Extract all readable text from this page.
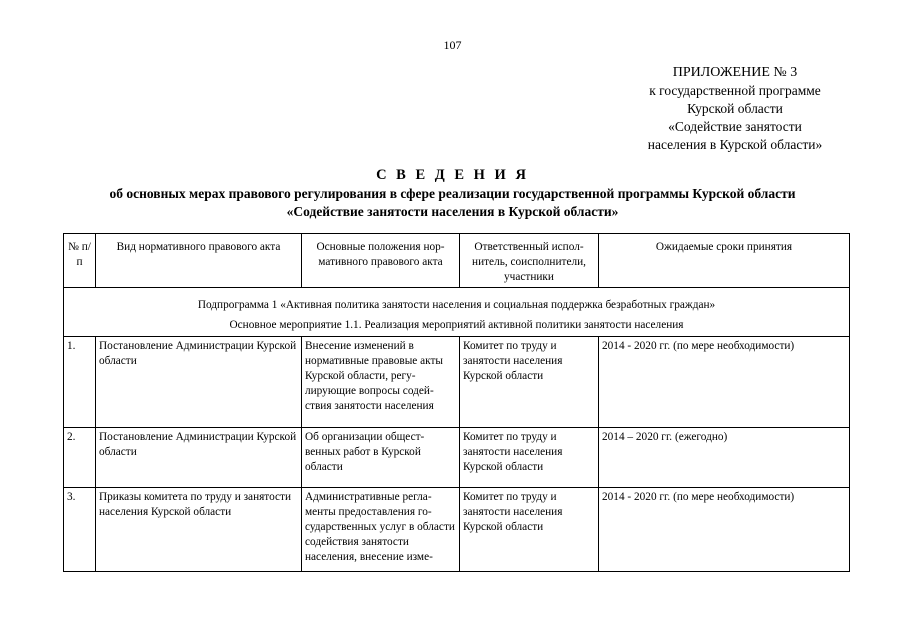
107
ПРИЛОЖЕНИЕ № 3
к государственной программе
Курской области
«Содействие занятости
населения в Курской области»
С В Е Д Е Н И Я
об основных мерах правового регулирования в сфере реализации государственной программы Курской области
«Содействие занятости населения в Курской области»
№ п/п	Вид нормативного правового акта	Основные положения нормативного правового акта	Ответственный исполнитель, соисполнители, участники	Ожидаемые сроки принятия

Подпрограмма 1 «Активная политика занятости населения и социальная поддержка безработных граждан»
Основное мероприятие 1.1. Реализация мероприятий активной политики занятости населения				

1.	Постановление Администрации Курской области	Внесение изменений в нормативные правовые акты Курской области, регулирующие вопросы содействия занятости населения	Комитет по труду и занятости населения Курской области	2014 - 2020 гг. (по мере необходимости)
2.	Постановление Администрации Курской области	Об организации общественных работ в Курской области	Комитет по труду и занятости населения Курской области	2014 – 2020 гг. (ежегодно)
3.	Приказы комитета по труду и занятости населения Курской области	Административные регламенты предоставления государственных услуг в области содействия занятости населения, внесение изме-	Комитет по труду и занятости населения Курской области	2014 - 2020 гг. (по мере необходимости)
